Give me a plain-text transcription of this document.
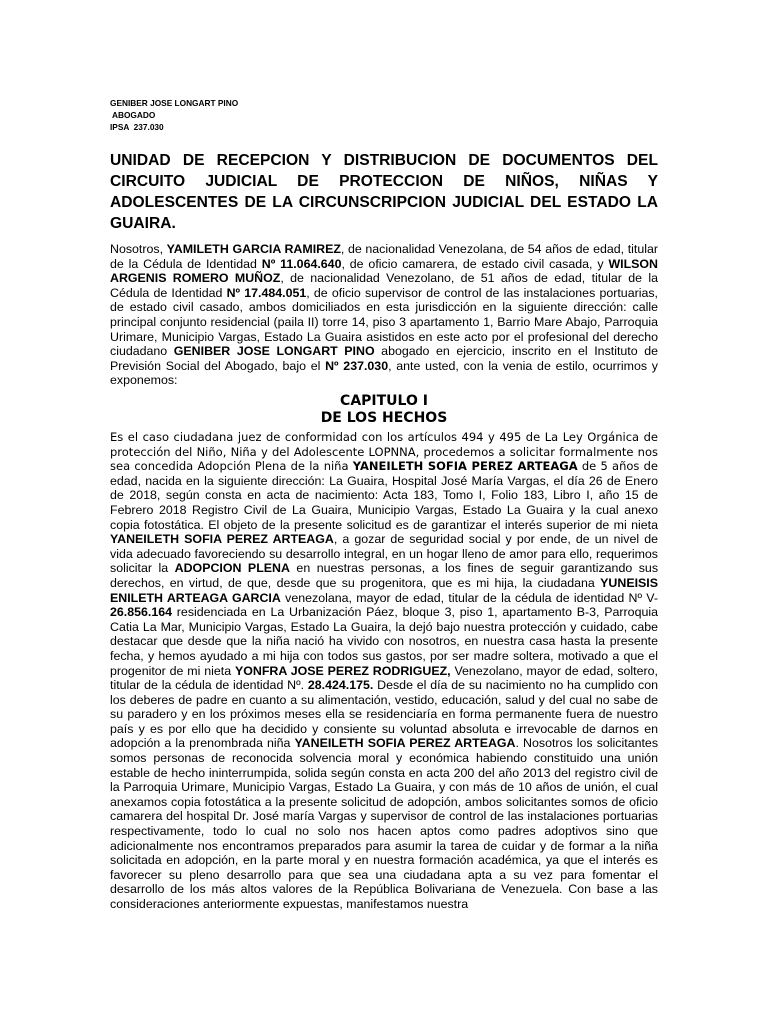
GENIBER JOSE LONGART PINO
ABOGADO
IPSA  237.030
UNIDAD DE RECEPCION Y DISTRIBUCION DE DOCUMENTOS DEL CIRCUITO JUDICIAL DE PROTECCION DE NIÑOS, NIÑAS Y ADOLESCENTES DE LA CIRCUNSCRIPCION JUDICIAL DEL ESTADO LA GUAIRA.
Nosotros, YAMILETH GARCIA RAMIREZ, de nacionalidad Venezolana, de 54 años de edad, titular de la Cédula de Identidad Nº 11.064.640, de oficio camarera, de estado civil casada, y WILSON ARGENIS ROMERO MUÑOZ, de nacionalidad Venezolano, de 51 años de edad, titular de la Cédula de Identidad Nº 17.484.051, de oficio supervisor de control de las instalaciones portuarias, de estado civil casado, ambos domiciliados en esta jurisdicción en la siguiente dirección: calle principal conjunto residencial (paila II) torre 14, piso 3 apartamento 1, Barrio Mare Abajo, Parroquia Urimare, Municipio Vargas, Estado La Guaira asistidos en este acto por el profesional del derecho ciudadano GENIBER JOSE LONGART PINO abogado en ejercicio, inscrito en el Instituto de Previsión Social del Abogado, bajo el Nº 237.030, ante usted, con la venia de estilo, ocurrimos y exponemos:
CAPITULO I
DE LOS HECHOS
Es el caso ciudadana juez de conformidad con los artículos 494 y 495 de La Ley Orgánica de protección del Niño, Niña y del Adolescente LOPNNA, procedemos a solicitar formalmente nos sea concedida Adopción Plena de la niña YANEILETH SOFIA PEREZ ARTEAGA de 5 años de edad, nacida en la siguiente dirección: La Guaira, Hospital José María Vargas, el día 26 de Enero de 2018, según consta en acta de nacimiento: Acta 183, Tomo I, Folio 183, Libro I, año 15 de Febrero 2018 Registro Civil de La Guaira, Municipio Vargas, Estado La Guaira y la cual anexo copia fotostática. El objeto de la presente solicitud es de garantizar el interés superior de mi nieta YANEILETH SOFIA PEREZ ARTEAGA, a gozar de seguridad social y por ende, de un nivel de vida adecuado favoreciendo su desarrollo integral, en un hogar lleno de amor para ello, requerimos solicitar la ADOPCION PLENA en nuestras personas, a los fines de seguir garantizando sus derechos, en virtud, de que, desde que su progenitora, que es mi hija, la ciudadana YUNEISIS ENILETH ARTEAGA GARCIA venezolana, mayor de edad, titular de la cédula de identidad Nº V- 26.856.164 residenciada en La Urbanización Páez, bloque 3, piso 1, apartamento B-3, Parroquia Catia La Mar, Municipio Vargas, Estado La Guaira, la dejó bajo nuestra protección y cuidado, cabe destacar que desde que la niña nació ha vivido con nosotros, en nuestra casa hasta la presente fecha, y hemos ayudado a mi hija con todos sus gastos, por ser madre soltera, motivado a que el progenitor de mi nieta YONFRA JOSE PEREZ RODRIGUEZ, Venezolano, mayor de edad, soltero, titular de la cédula de identidad Nº. 28.424.175. Desde el día de su nacimiento no ha cumplido con los deberes de padre en cuanto a su alimentación, vestido, educación, salud y del cual no sabe de su paradero y en los próximos meses ella se residenciaría en forma permanente fuera de nuestro país y es por ello que ha decidido y consiente su voluntad absoluta e irrevocable de darnos en adopción a la prenombrada niña YANEILETH SOFIA PEREZ ARTEAGA. Nosotros los solicitantes somos personas de reconocida solvencia moral y económica habiendo constituido una unión estable de hecho ininterrumpida, solida según consta en acta 200 del año 2013 del registro civil de la Parroquia Urimare, Municipio Vargas, Estado La Guaira, y con más de 10 años de unión, el cual anexamos copia fotostática a la presente solicitud de adopción, ambos solicitantes somos de oficio camarera del hospital Dr. José maría Vargas y supervisor de control de las instalaciones portuarias respectivamente, todo lo cual no solo nos hacen aptos como padres adoptivos sino que adicionalmente nos encontramos preparados para asumir la tarea de cuidar y de formar a la niña solicitada en adopción, en la parte moral y en nuestra formación académica, ya que el interés es favorecer su pleno desarrollo para que sea una ciudadana apta a su vez para fomentar el desarrollo de los más altos valores de la República Bolivariana de Venezuela. Con base a las consideraciones anteriormente expuestas, manifestamos nuestra
